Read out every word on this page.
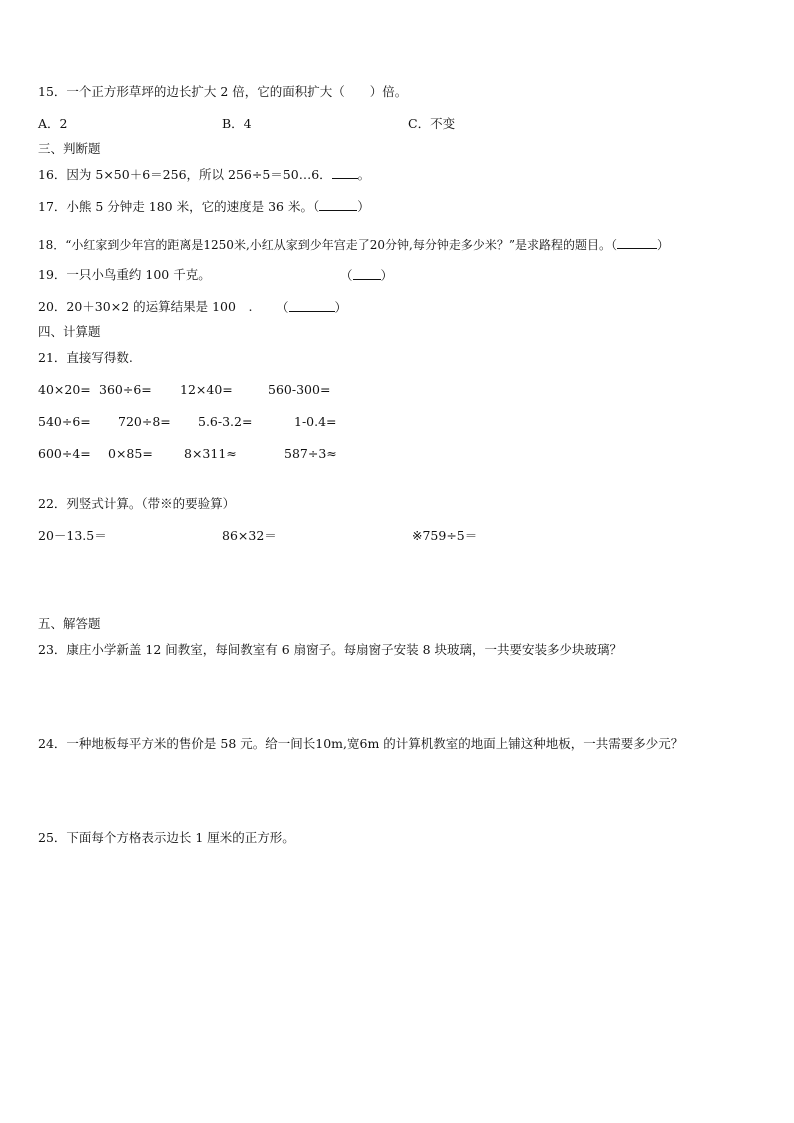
15．一个正方形草坪的边长扩大 2 倍，它的面积扩大（　　）倍。
A．2	B．4	C．不变
三、判断题
16．因为 5×50＋6＝256，所以 256÷5＝50…6． 。
17．小熊 5 分钟走 180 米，它的速度是 36 米。（	）
18．“小红家到少年宫的距离是1250米,小红从家到少年宫走了20分钟,每分钟走多少米？”是求路程的题目。（	）
19．一只小鸟重约 100 千克。	（ ）
20．20＋30×2 的运算结果是 100　. （	）
四、计算题
21．直接写得数.
40×20= 360÷6= 12×40=	560-300=
540÷6= 720÷8= 5.6-3.2=	1-0.4=
600÷4= 0×85= 8×311≈	587÷3≈
22．列竖式计算。（带※的要验算）
20－13.5＝	86×32＝	※759÷5＝
五、解答题
23．康庄小学新盖 12 间教室，每间教室有 6 扇窗子。每扇窗子安装 8 块玻璃，一共要安装多少块玻璃？
24．一种地板每平方米的售价是 58 元。给一间长10m,宽6m 的计算机教室的地面上铺这种地板，一共需要多少元？
25．下面每个方格表示边长 1 厘米的正方形。
